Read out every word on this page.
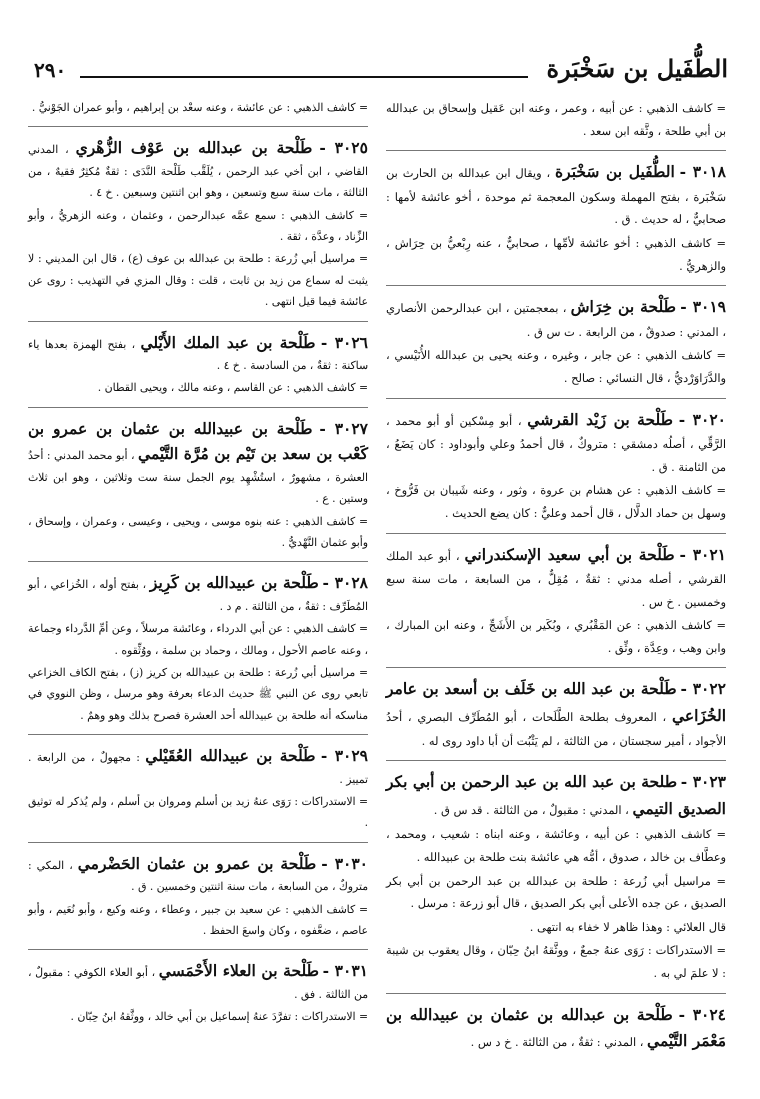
الطُّفَيل بن سَخْبَرة
٢٩٠
= كاشف الذهبي : عن أبيه ، وعمر ، وعنه ابن عَقيل وإسحاق بن عبدالله بن أبي طلحة ، وثَّقه ابن سعد .
٣٠١٨ - الطُّفَيل بن سَخْبَرة ، ويقال ابن عبدالله بن الحارث بن سَخْبَرة ، بفتح المهملة وسكون المعجمة ثم موحدة ، أخو عائشة لأمها : صحابيٌّ ، له حديث . ق .
= كاشف الذهبي : أخو عائشة لأمِّها ، صحابيٌّ ، عنه رِبْعيُّ بن حِرَاش ، والزهريُّ .
٣٠١٩ - طَلْحة بن خِرَاش ، بمعجمتين ، ابن عبدالرحمن الأنصاري ، المدني : صدوقٌ ، من الرابعة . ت س ق .
= كاشف الذهبي : عن جابر ، وغيره ، وعنه يحيى بن عبدالله الأُنَيْسي ، والدَّرَاوَرْديُّ ، قال النسائي : صالح .
٣٠٢٠ - طَلْحة بن زَيْد القرشي ، أبو مِسْكين أو أبو محمد ، الرَّقِّي ، أصلُه دمشقي : متروكٌ ، قال أحمدُ وعلي وأبوداود : كان يَضَعُ ، من الثامنة . ق .
= كاشف الذهبي : عن هشام بن عروة ، وثور ، وعنه شَيبان بن فَرُّوخ ، وسهل بن حماد الدلَّال ، قال أحمد وعليٌّ : كان يضع الحديث .
٣٠٢١ - طَلْحة بن أبي سعيد الإسكندراني ، أبو عبد الملك القرشي ، أصله مدني : ثقةٌ ، مُقِلٌّ ، من السابعة ، مات سنة سبع وخمسين . خ س .
= كاشف الذهبي : عن المَقْبُري ، وبُكَير بن الأَشَجِّ ، وعنه ابن المبارك ، وابن وهب ، وعِدَّة ، وثِّق .
٣٠٢٢ - طَلْحة بن عبد الله بن خَلَف بن أسعد بن عامر الخُزَاعي ، المعروف بطلحة الطَّلَحات ، أبو المُطَرِّف البصري ، أحدُ الأجواد ، أمير سجستان ، من الثالثة ، لم يَثْبُت أن أبا داود روى له .
٣٠٢٣ - طلحة بن عبد الله بن عبد الرحمن بن أبي بكر الصديق التيمي ، المدني : مقبولٌ ، من الثالثة . قد س ق .
= كاشف الذهبي : عن أبيه ، وعائشة ، وعنه ابناه : شعيب ، ومحمد ، وعطَّاف بن خالد ، صدوق ، أمُّه هي عائشة بنت طلحة بن عبيدالله .
= مراسيل أبي زُرعة : طلحة بن عبدالله بن عبد الرحمن بن أبي بكر الصديق ، عن جده الأعلى أبي بكر الصديق ، قال أبو زرعة : مرسل .
قال العلائي : وهذا ظاهر لا خفاء به انتهى .
= الاستدراكات : رَوَى عنهُ جمعٌ ، ووثَّقهُ ابنُ حِبّان ، وقال يعقوب بن شيبة : لا علمَ لي به .
٣٠٢٤ - طَلْحة بن عبدالله بن عثمان بن عبيدالله بن مَعْمَر التَّيْمي ، المدني : ثقةٌ ، من الثالثة . خ د س .
= كاشف الذهبي : عن عائشة ، وعنه سعْد بن إبراهيم ، وأبو عمران الجَوْنيُّ .
٣٠٢٥ - طَلْحة بن عبدالله بن عَوْف الزُّهْري ، المدني القاضي ، ابن أخي عبد الرحمن ، يُلَقَّب طَلْحة النَّدَى : ثقةٌ مُكثِرٌ فقيهٌ ، من الثالثة ، مات سنة سبع وتسعين ، وهو ابن اثنتين وسبعين . خ ٤ .
= كاشف الذهبي : سمع عمَّه عبدالرحمن ، وعثمان ، وعنه الزهريُّ ، وأبو الزِّناد ، وعدَّة ، ثقة .
= مراسيل أبي زُرعة : طلحة بن عبدالله بن عوف (ع) ، قال ابن المديني : لا يثبت له سماع من زيد بن ثابت ، قلت : وقال المزي في التهذيب : روى عن عائشة فيما قيل انتهى .
٣٠٢٦ - طَلْحة بن عبد الملك الأَيْلي ، بفتح الهمزة بعدها ياء ساكنة : ثقةٌ ، من السادسة . خ ٤ .
= كاشف الذهبي : عن القاسم ، وعنه مالك ، ويحيى القطان .
٣٠٢٧ - طَلْحة بن عبيدالله بن عثمان بن عمرو بن كَعْب بن سعد بن تَيْم بن مُرَّة التَّيْمي ، أبو محمد المدني : أحدُ العشرة ، مشهورٌ ، استُشْهِد يوم الجمل سنة ست وثلاثين ، وهو ابن ثلاث وستين . ع .
= كاشف الذهبي : عنه بنوه موسى ، ويحيى ، وعيسى ، وعمران ، وإسحاق ، وأبو عثمان النَّهْديُّ .
٣٠٢٨ - طَلْحة بن عبيدالله بن كَرِيز ، بفتح أوله ، الخُزاعي ، أبو المُطَرِّف : ثقةٌ ، من الثالثة . م د .
= كاشف الذهبي : عن أبي الدرداء ، وعائشة مرسلاً ، وعن أمِّ الدَّرداء وجماعة ، وعنه عاصم الأحول ، ومالك ، وحماد بن سلمة ، ووُثِّقوه .
= مراسيل أبي زُرعة : طلحة بن عبيدالله بن كريز (ز) ، بفتح الكاف الخزاعي تابعي روى عن النبي ﷺ حديث الدعاء بعرفة وهو مرسل ، وظن النووي في مناسكه أنه طلحة بن عبيدالله أحد العشرة فصرح بذلك وهو وهمٌ .
٣٠٢٩ - طَلْحة بن عبيدالله العُقَيْلي : مجهولٌ ، من الرابعة . تمييز .
= الاستدراكات : رَوَى عنهُ زيد بن أسلم ومروان بن أسلم ، ولم يُذكر له توثيق .
٣٠٣٠ - طَلْحة بن عمرو بن عثمان الحَضْرمي ، المكي : متروكٌ ، من السابعة ، مات سنة اثنتين وخمسين . ق .
= كاشف الذهبي : عن سعيد بن جبير ، وعطاء ، وعنه وكيع ، وأبو نُعَيم ، وأبو عاصم ، ضعَّفوه ، وكان واسعَ الحفظ .
٣٠٣١ - طَلْحة بن العلاء الأَحْمَسي ، أبو العلاء الكوفي : مقبولٌ ، من الثالثة . فق .
= الاستدراكات : تفرَّدَ عنهُ إسماعيل بن أبي خالد ، ووثَّقهُ ابنُ حِبّان .
